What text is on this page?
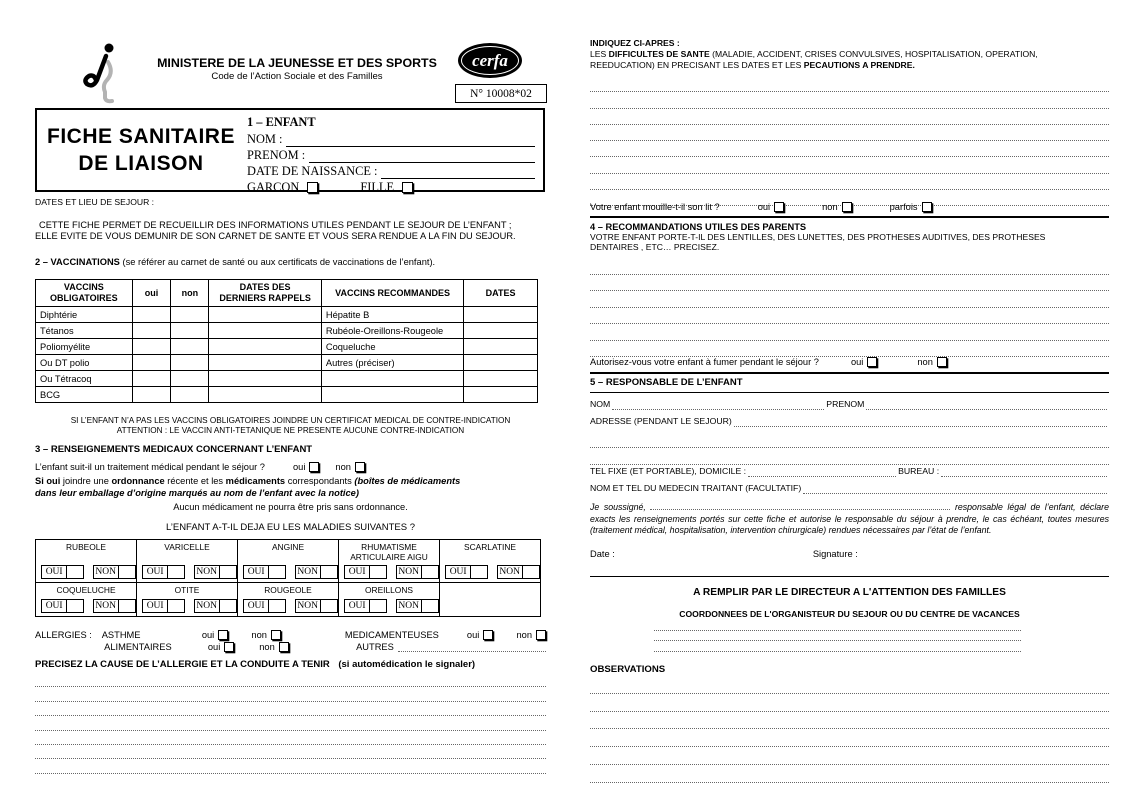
MINISTERE DE LA JEUNESSE ET DES SPORTS
Code de l’Action Sociale et des Familles
cerfa
N° 10008*02
FICHE SANITAIRE
DE LIAISON
1 – ENFANT
NOM :
PRENOM :
DATE DE NAISSANCE :
GARCON	FILLE
DATES ET LIEU DE SEJOUR :
CETTE FICHE PERMET DE RECUEILLIR DES INFORMATIONS UTILES PENDANT LE SEJOUR DE L’ENFANT ;
ELLE EVITE DE VOUS DEMUNIR DE SON CARNET DE SANTE ET VOUS SERA RENDUE A LA FIN DU SEJOUR.
2 – VACCINATIONS (se référer au carnet de santé ou aux certificats de vaccinations de l’enfant).
VACCINS
OBLIGATOIRES
	oui	non	
DATES DES
DERNIERS RAPPELS
	VACCINS RECOMMANDES	DATES
Diphtérie				Hépatite B	
Tétanos				Rubéole-Oreillons-Rougeole	
Poliomyélite				Coqueluche	
Ou DT polio				Autres (préciser)	
Ou Tétracoq					
BCG					
SI L’ENFANT N’A PAS LES VACCINS OBLIGATOIRES JOINDRE UN CERTIFICAT MEDICAL DE CONTRE-INDICATION
ATTENTION : LE VACCIN ANTI-TETANIQUE NE PRESENTE AUCUNE CONTRE-INDICATION
3 – RENSEIGNEMENTS MEDICAUX CONCERNANT L’ENFANT
L’enfant suit-il un traitement médical pendant le séjour ?	oui	non
Si oui joindre une ordonnance récente et les médicaments correspondants (boîtes de médicaments
dans leur emballage d’origine marqués au nom de l’enfant avec la notice)
Aucun médicament ne pourra être pris sans ordonnance.
L’ENFANT A-T-IL DEJA EU LES MALADIES SUIVANTES ?
RUBEOLE
OUI	NON

VARICELLE
OUI	NON

ANGINE
OUI	NON

RHUMATISME ARTICULAIRE AIGU
OUI	NON

SCARLATINE
OUI	NON

COQUELUCHE
OUI	NON

OTITE
OUI	NON

ROUGEOLE
OUI	NON

OREILLONS
OUI	NON

ALLERGIES :	ASTHME	oui	non	MEDICAMENTEUSES	oui	non
ALIMENTAIRES	oui	non	AUTRES
PRECISEZ LA CAUSE DE L’ALLERGIE ET LA CONDUITE A TENIR (si automédication le signaler)
INDIQUEZ CI-APRES :
LES DIFFICULTES DE SANTE (MALADIE, ACCIDENT, CRISES CONVULSIVES, HOSPITALISATION, OPERATION,
REEDUCATION) EN PRECISANT LES DATES ET LES PECAUTIONS A PRENDRE.
Votre enfant mouille-t-il son lit ?	oui	non	parfois
4 – RECOMMANDATIONS UTILES DES PARENTS
VOTRE ENFANT PORTE-T-IL DES LENTILLES, DES LUNETTES, DES PROTHESES AUDITIVES, DES PROTHESES
DENTAIRES , ETC… PRECISEZ.
Autorisez-vous votre enfant à fumer pendant le séjour ?	oui	non
5 – RESPONSABLE DE L’ENFANT
NOM	PRENOM
ADRESSE (PENDANT LE SEJOUR)
TEL FIXE (ET PORTABLE), DOMICILE :	BUREAU :
NOM ET TEL DU MEDECIN TRAITANT (FACULTATIF)
Je soussigné,	responsable légal de l’enfant, déclare exacts les renseignements portés sur cette fiche et autorise le responsable du séjour à prendre, le cas échéant, toutes mesures (traitement médical, hospitalisation, intervention chirurgicale) rendues nécessaires par l’état de l’enfant.
Date :	Signature :
A REMPLIR PAR LE DIRECTEUR A L'ATTENTION DES FAMILLES
COORDONNEES DE L'ORGANISTEUR DU SEJOUR OU DU CENTRE DE VACANCES
OBSERVATIONS
